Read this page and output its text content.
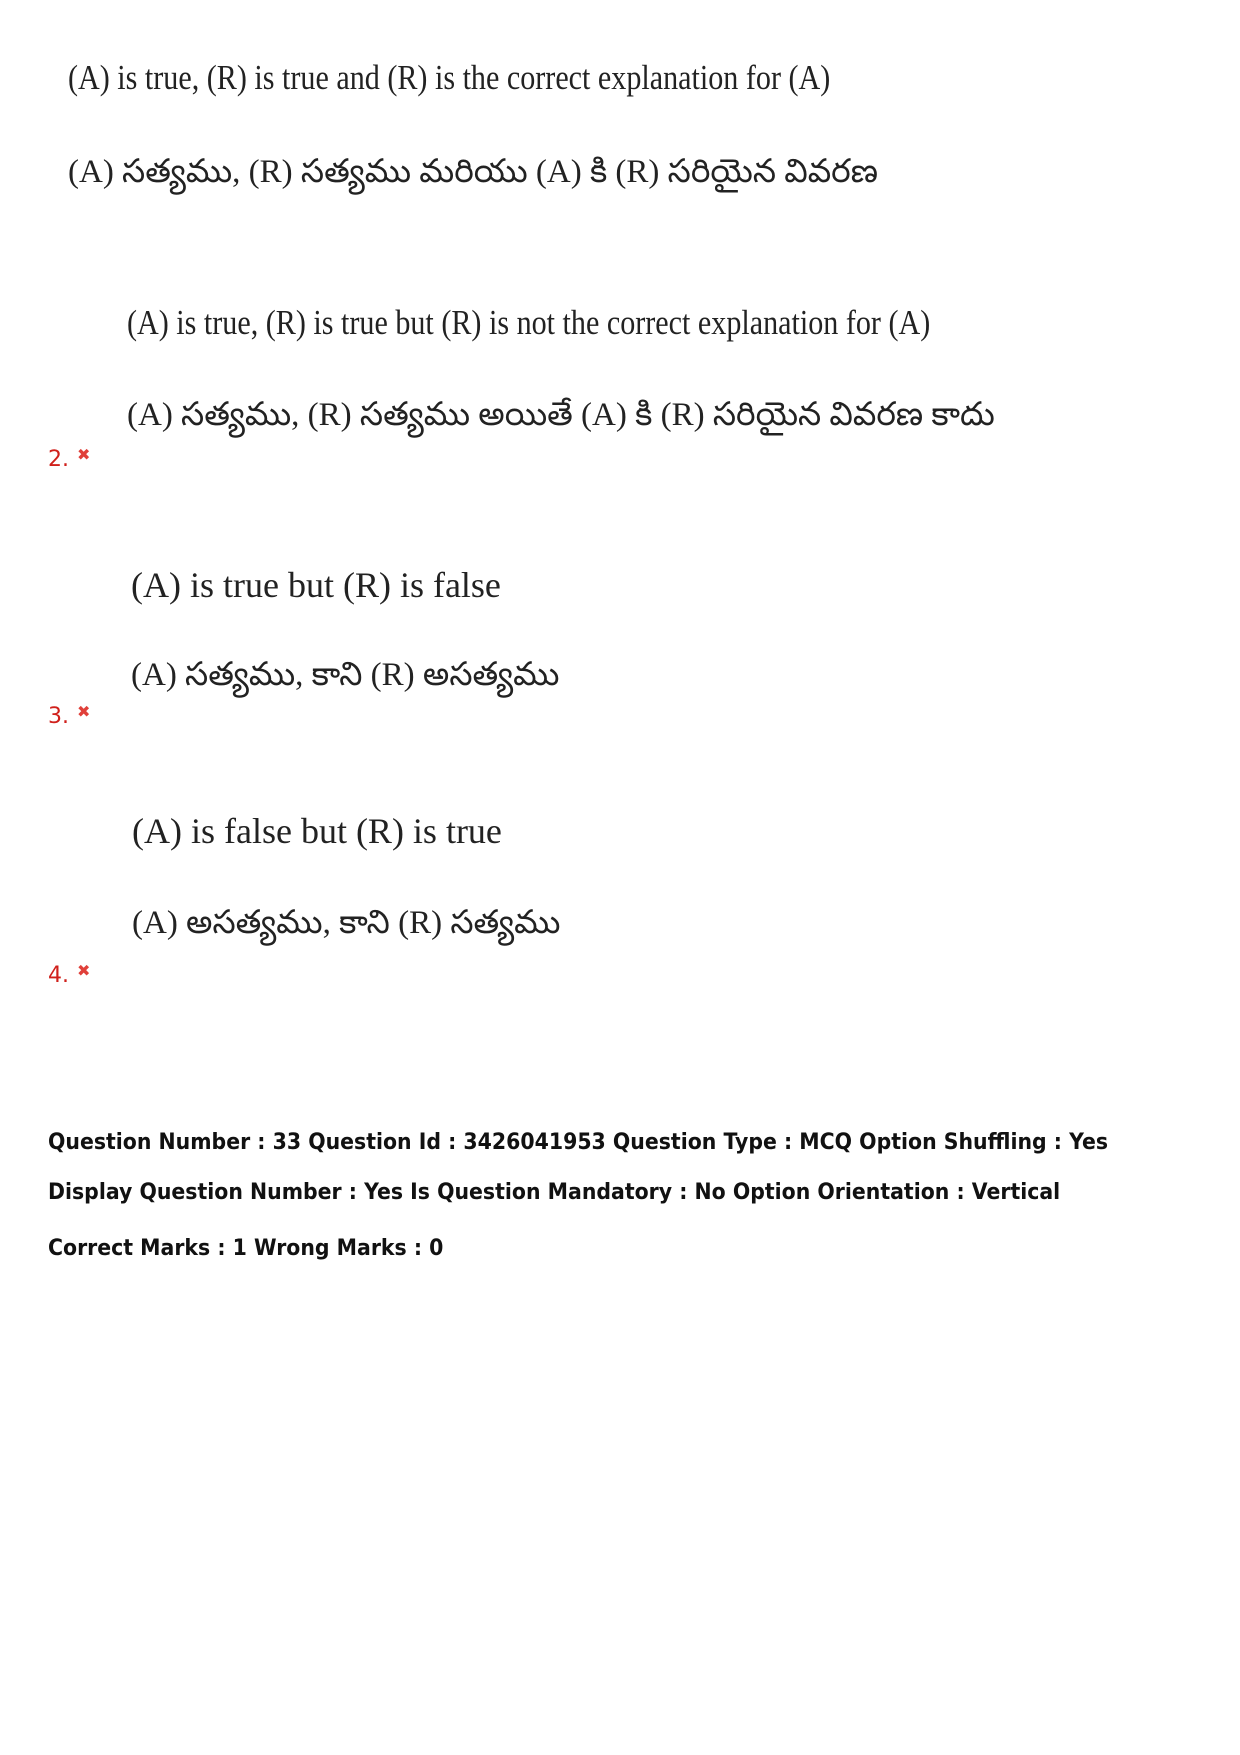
(A) is true, (R) is true and (R) is the correct explanation for (A)
(A) సత్యము, (R) సత్యము మరియు (A) కి (R) సరియైన వివరణ
(A) is true, (R) is true but (R) is not the correct explanation for (A)
(A) సత్యము, (R) సత్యము అయితే (A) కి (R) సరియైన వివరణ కాదు
2. ✖
(A) is true but (R) is false
(A) సత్యము, కాని (R) అసత్యము
3. ✖
(A) is false but (R) is true
(A) అసత్యము, కాని (R) సత్యము
4. ✖
Question Number : 33 Question Id : 3426041953 Question Type : MCQ Option Shuffling : Yes
Display Question Number : Yes Is Question Mandatory : No Option Orientation : Vertical
Correct Marks : 1 Wrong Marks : 0
